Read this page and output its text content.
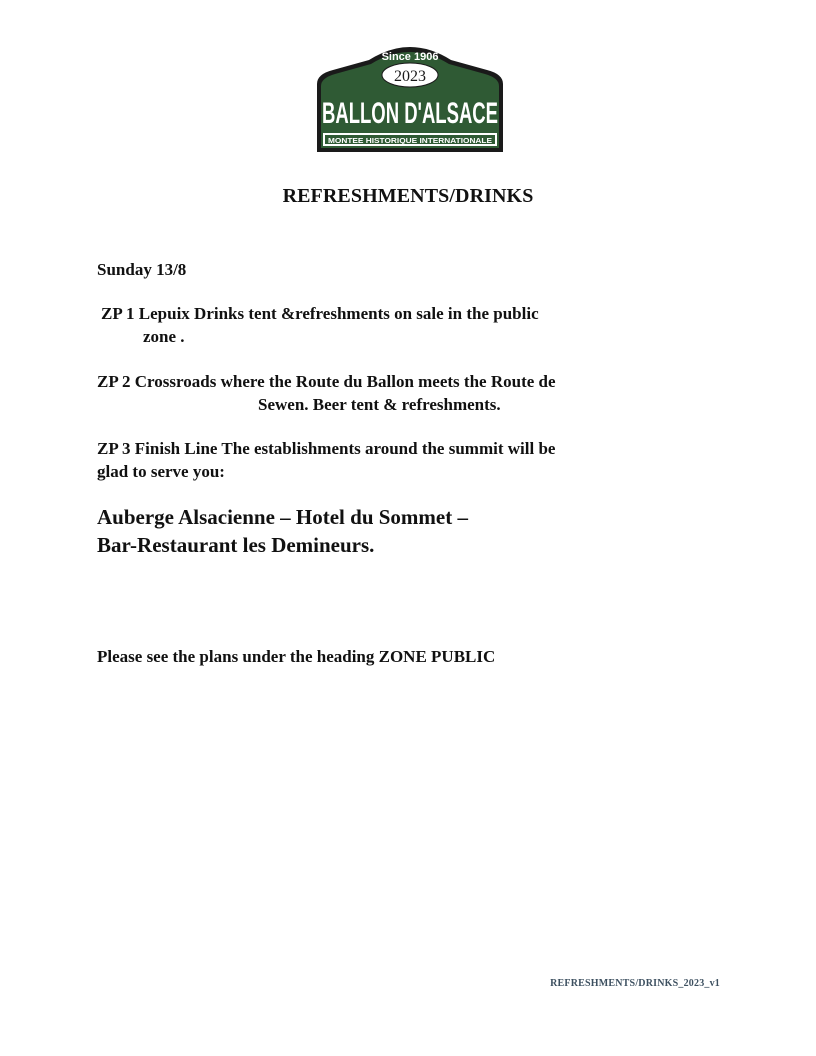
Since 1906
2023
BALLON D'ALSACE
MONTEE HISTORIQUE INTERNATIONALE
REFRESHMENTS/DRINKS
Sunday 13/8
ZP 1 Lepuix Drinks tent &refreshments on sale in the public
zone .
ZP 2 Crossroads where the Route du Ballon meets the Route de
Sewen. Beer tent & refreshments.
ZP 3 Finish Line The establishments around the summit will be
glad to serve you:
Auberge Alsacienne – Hotel du Sommet –
Bar-Restaurant les Demineurs.
Please see the plans under the heading ZONE PUBLIC
REFRESHMENTS/DRINKS_2023_v1
